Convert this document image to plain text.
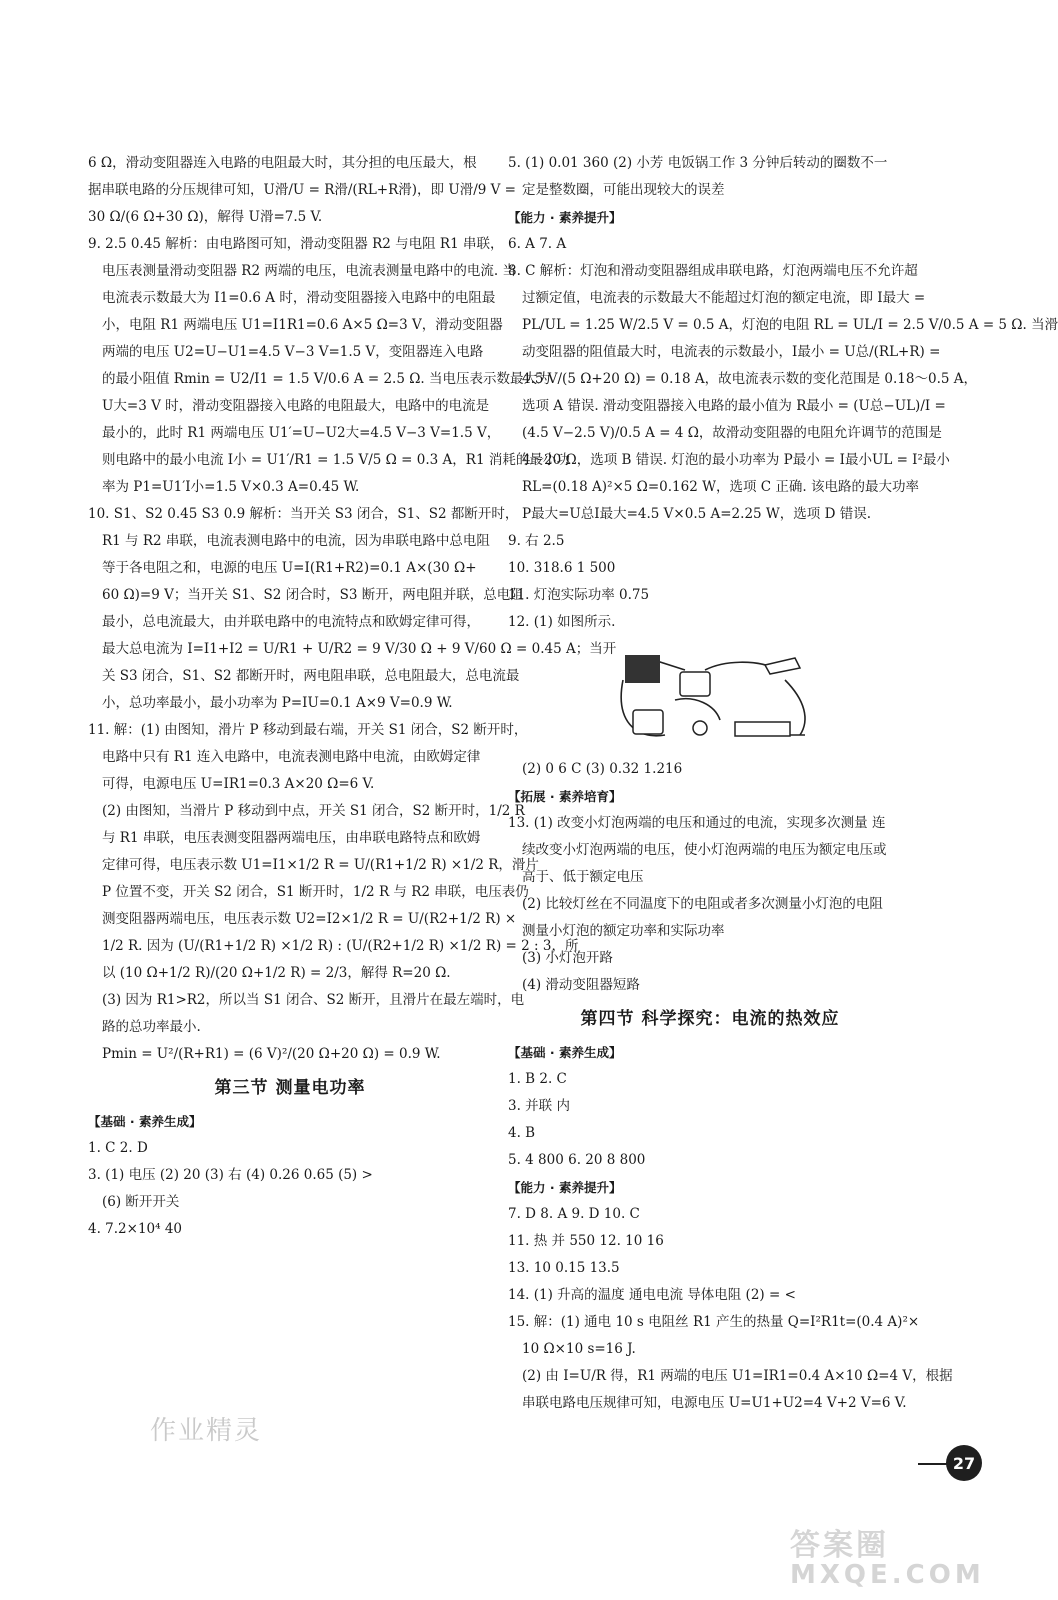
6 Ω，滑动变阻器连入电路的电阻最大时，其分担的电压最大，根
据串联电路的分压规律可知，U滑/U = R滑/(RL+R滑)，即 U滑/9 V =
30 Ω/(6 Ω+30 Ω)，解得 U滑=7.5 V.
9. 2.5 0.45 解析：由电路图可知，滑动变阻器 R2 与电阻 R1 串联，
电压表测量滑动变阻器 R2 两端的电压，电流表测量电路中的电流. 当
电流表示数最大为 I1=0.6 A 时，滑动变阻器接入电路中的电阻最
小，电阻 R1 两端电压 U1=I1R1=0.6 A×5 Ω=3 V，滑动变阻器
两端的电压 U2=U−U1=4.5 V−3 V=1.5 V，变阻器连入电路
的最小阻值 Rmin = U2/I1 = 1.5 V/0.6 A = 2.5 Ω. 当电压表示数最大为
U大=3 V 时，滑动变阻器接入电路的电阻最大，电路中的电流是
最小的，此时 R1 两端电压 U1′=U−U2大=4.5 V−3 V=1.5 V，
则电路中的最小电流 I小 = U1′/R1 = 1.5 V/5 Ω = 0.3 A，R1 消耗的最小功
率为 P1=U1′I小=1.5 V×0.3 A=0.45 W.
10. S1、S2 0.45 S3 0.9 解析：当开关 S3 闭合，S1、S2 都断开时，
R1 与 R2 串联，电流表测电路中的电流，因为串联电路中总电阻
等于各电阻之和，电源的电压 U=I(R1+R2)=0.1 A×(30 Ω+
60 Ω)=9 V；当开关 S1、S2 闭合时，S3 断开，两电阻并联，总电阻
最小，总电流最大，由并联电路中的电流特点和欧姆定律可得，
最大总电流为 I=I1+I2 = U/R1 + U/R2 = 9 V/30 Ω + 9 V/60 Ω = 0.45 A；当开
关 S3 闭合，S1、S2 都断开时，两电阻串联，总电阻最大，总电流最
小，总功率最小，最小功率为 P=IU=0.1 A×9 V=0.9 W.
11. 解：(1) 由图知，滑片 P 移动到最右端，开关 S1 闭合，S2 断开时，
电路中只有 R1 连入电路中，电流表测电路中电流，由欧姆定律
可得，电源电压 U=IR1=0.3 A×20 Ω=6 V.
(2) 由图知，当滑片 P 移动到中点，开关 S1 闭合，S2 断开时，1/2 R
与 R1 串联，电压表测变阻器两端电压，由串联电路特点和欧姆
定律可得，电压表示数 U1=I1×1/2 R = U/(R1+1/2 R) ×1/2 R，滑片
P 位置不变，开关 S2 闭合，S1 断开时，1/2 R 与 R2 串联，电压表仍
测变阻器两端电压，电压表示数 U2=I2×1/2 R = U/(R2+1/2 R) ×
1/2 R. 因为 (U/(R1+1/2 R) ×1/2 R) : (U/(R2+1/2 R) ×1/2 R) = 2 : 3，所
以 (10 Ω+1/2 R)/(20 Ω+1/2 R) = 2/3，解得 R=20 Ω.
(3) 因为 R1>R2，所以当 S1 闭合、S2 断开，且滑片在最左端时，电
路的总功率最小.
Pmin = U²/(R+R1) = (6 V)²/(20 Ω+20 Ω) = 0.9 W.
第三节 测量电功率
【基础 · 素养生成】
1. C 2. D
3. (1) 电压 (2) 20 (3) 右 (4) 0.26 0.65 (5) >
(6) 断开开关
4. 7.2×10⁴ 40
5. (1) 0.01 360 (2) 小芳 电饭锅工作 3 分钟后转动的圈数不一
定是整数圈，可能出现较大的误差
【能力 · 素养提升】
6. A 7. A
8. C 解析：灯泡和滑动变阻器组成串联电路，灯泡两端电压不允许超
过额定值，电流表的示数最大不能超过灯泡的额定电流，即 I最大 =
PL/UL = 1.25 W/2.5 V = 0.5 A，灯泡的电阻 RL = UL/I = 2.5 V/0.5 A = 5 Ω. 当滑
动变阻器的阻值最大时，电流表的示数最小，I最小 = U总/(RL+R) =
4.5 V/(5 Ω+20 Ω) = 0.18 A，故电流表示数的变化范围是 0.18～0.5 A，
选项 A 错误. 滑动变阻器接入电路的最小值为 R最小 = (U总−UL)/I =
(4.5 V−2.5 V)/0.5 A = 4 Ω，故滑动变阻器的电阻允许调节的范围是
4～20 Ω，选项 B 错误. 灯泡的最小功率为 P最小 = I最小UL = I²最小
RL=(0.18 A)²×5 Ω=0.162 W，选项 C 正确. 该电路的最大功率
P最大=U总I最大=4.5 V×0.5 A=2.25 W，选项 D 错误.
9. 右 2.5
10. 318.6 1 500
11. 灯泡实际功率 0.75
12. (1) 如图所示.
(2) 0 6 C (3) 0.32 1.216
【拓展 · 素养培育】
13. (1) 改变小灯泡两端的电压和通过的电流，实现多次测量 连
续改变小灯泡两端的电压，使小灯泡两端的电压为额定电压或
高于、低于额定电压
(2) 比较灯丝在不同温度下的电阻或者多次测量小灯泡的电阻
测量小灯泡的额定功率和实际功率
(3) 小灯泡开路
(4) 滑动变阻器短路
第四节 科学探究：电流的热效应
【基础 · 素养生成】
1. B 2. C
3. 并联 内
4. B
5. 4 800 6. 20 8 800
【能力 · 素养提升】
7. D 8. A 9. D 10. C
11. 热 并 550 12. 10 16
13. 10 0.15 13.5
14. (1) 升高的温度 通电电流 导体电阻 (2) = <
15. 解：(1) 通电 10 s 电阻丝 R1 产生的热量 Q=I²R1t=(0.4 A)²×
10 Ω×10 s=16 J.
(2) 由 I=U/R 得，R1 两端的电压 U1=IR1=0.4 A×10 Ω=4 V，根据
串联电路电压规律可知，电源电压 U=U1+U2=4 V+2 V=6 V.
27
作业精灵
答案圈
MXQE.COM
